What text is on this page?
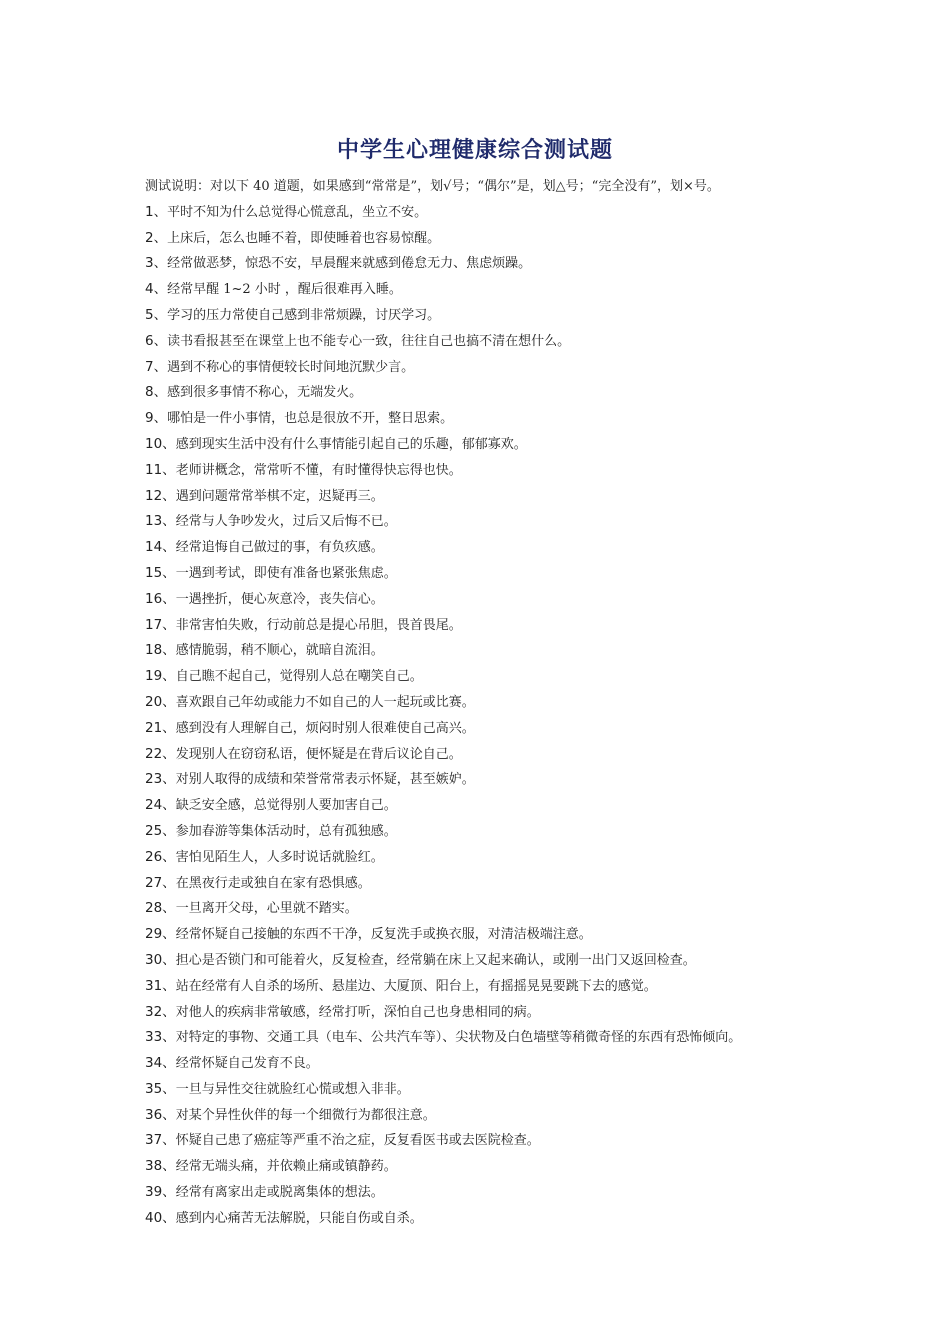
中学生心理健康综合测试题

测试说明：对以下 40 道题，如果感到“常常是”，划√号；“偶尔”是，划△号；“完全没有”，划×号。

1、平时不知为什么总觉得心慌意乱，坐立不安。
2、上床后，怎么也睡不着，即使睡着也容易惊醒。
3、经常做恶梦，惊恐不安，早晨醒来就感到倦怠无力、焦虑烦躁。
4、经常早醒 1~2 小时 ，醒后很难再入睡。
5、学习的压力常使自己感到非常烦躁，讨厌学习。
6、读书看报甚至在课堂上也不能专心一致，往往自己也搞不清在想什么。
7、遇到不称心的事情便较长时间地沉默少言。
8、感到很多事情不称心，无端发火。
9、哪怕是一件小事情，也总是很放不开，整日思索。
10、感到现实生活中没有什么事情能引起自己的乐趣，郁郁寡欢。
11、老师讲概念，常常听不懂，有时懂得快忘得也快。
12、遇到问题常常举棋不定，迟疑再三。
13、经常与人争吵发火，过后又后悔不已。
14、经常追悔自己做过的事，有负疚感。
15、一遇到考试，即使有准备也紧张焦虑。
16、一遇挫折，便心灰意冷，丧失信心。
17、非常害怕失败，行动前总是提心吊胆，畏首畏尾。
18、感情脆弱，稍不顺心，就暗自流泪。
19、自己瞧不起自己，觉得别人总在嘲笑自己。
20、喜欢跟自己年幼或能力不如自己的人一起玩或比赛。
21、感到没有人理解自己，烦闷时别人很难使自己高兴。
22、发现别人在窃窃私语，便怀疑是在背后议论自己。
23、对别人取得的成绩和荣誉常常表示怀疑，甚至嫉妒。
24、缺乏安全感，总觉得别人要加害自己。
25、参加春游等集体活动时，总有孤独感。
26、害怕见陌生人，人多时说话就脸红。
27、在黑夜行走或独自在家有恐惧感。
28、一旦离开父母，心里就不踏实。
29、经常怀疑自己接触的东西不干净，反复洗手或换衣服，对清洁极端注意。
30、担心是否锁门和可能着火，反复检查，经常躺在床上又起来确认，或刚一出门又返回检查。
31、站在经常有人自杀的场所、悬崖边、大厦顶、阳台上，有摇摇晃晃要跳下去的感觉。
32、对他人的疾病非常敏感，经常打听，深怕自己也身患相同的病。
33、对特定的事物、交通工具（电车、公共汽车等）、尖状物及白色墙壁等稍微奇怪的东西有恐怖倾向。
34、经常怀疑自己发育不良。
35、一旦与异性交往就脸红心慌或想入非非。
36、对某个异性伙伴的每一个细微行为都很注意。
37、怀疑自己患了癌症等严重不治之症，反复看医书或去医院检查。
38、经常无端头痛，并依赖止痛或镇静药。
39、经常有离家出走或脱离集体的想法。
40、感到内心痛苦无法解脱，只能自伤或自杀。
